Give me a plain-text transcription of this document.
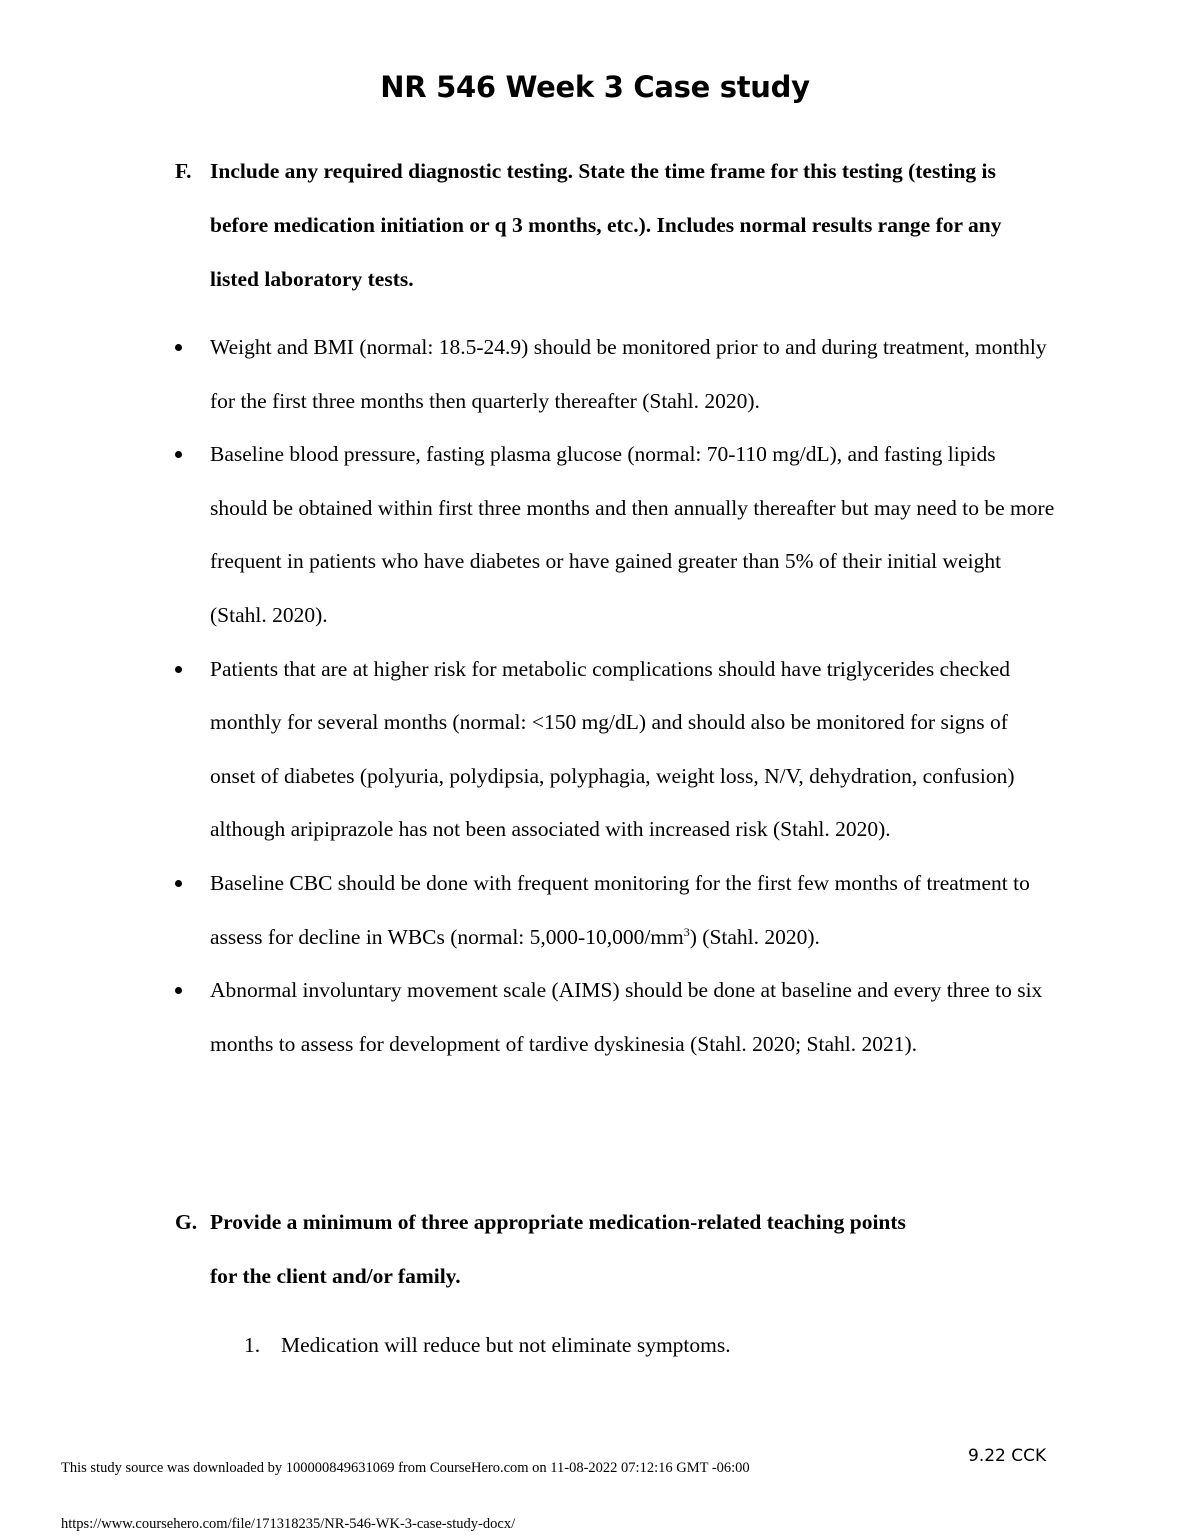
NR 546 Week 3 Case study
F. Include any required diagnostic testing. State the time frame for this testing (testing is before medication initiation or q 3 months, etc.). Includes normal results range for any listed laboratory tests.
Weight and BMI (normal: 18.5-24.9) should be monitored prior to and during treatment, monthly for the first three months then quarterly thereafter (Stahl. 2020).
Baseline blood pressure, fasting plasma glucose (normal: 70-110 mg/dL), and fasting lipids should be obtained within first three months and then annually thereafter but may need to be more frequent in patients who have diabetes or have gained greater than 5% of their initial weight (Stahl. 2020).
Patients that are at higher risk for metabolic complications should have triglycerides checked monthly for several months (normal: <150 mg/dL) and should also be monitored for signs of onset of diabetes (polyuria, polydipsia, polyphagia, weight loss, N/V, dehydration, confusion) although aripiprazole has not been associated with increased risk (Stahl. 2020).
Baseline CBC should be done with frequent monitoring for the first few months of treatment to assess for decline in WBCs (normal: $5,000-10,000/mm^3$) (Stahl. 2020).
Abnormal involuntary movement scale (AIMS) should be done at baseline and every three to six months to assess for development of tardive dyskinesia (Stahl. 2020; Stahl. 2021).
G. Provide a minimum of three appropriate medication-related teaching points
for the client and/or family.

1. Medication will reduce but not eliminate symptoms.

9.22 CCK
This study source was downloaded by 100000849631069 from CourseHero.com on 11-08-2022 07:12:16 GMT -06:00
https://www.coursehero.com/file/171318235/NR-546-WK-3-case-study-docx/
